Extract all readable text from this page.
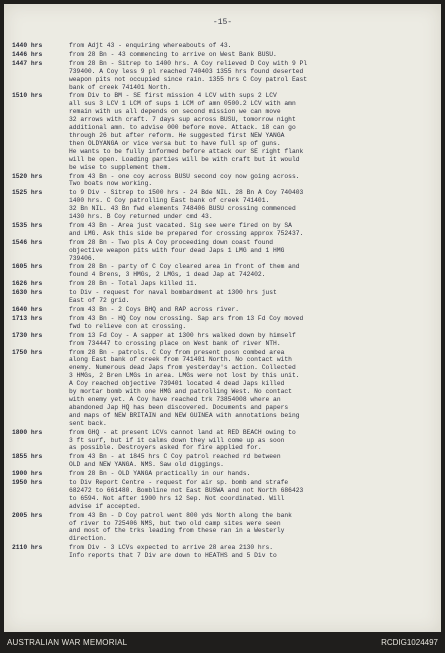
-15-
1440 hrs	from Adjt 43 - enquiring whereabouts of 43.
1446 hrs	from 28 Bn - 43 commencing to arrive on West Bank BUSU.
1447 hrs	from 28 Bn - Sitrep to 1400 hrs. A Coy relieved D Coy with 9 Pl
739400. A Coy less 9 pl reached 740403 1355 hrs found deserted
weapon pits not occupied since rain. 1355 hrs C Coy patrol East
bank of creek 741401 North.
1510 hrs	from Div to BM - SE first mission 4 LCV with sups 2 LCV
all sus 3 LCV 1 LCM of sups 1 LCM of amn 0500.2 LCV with amn
remain with us all depends on second mission we can move
32 arrows with craft. 7 days sup across BUSU, tomorrow night
additional amn. to advise 000 before move. Attack. 18 can go
through 26 but after reform. He suggested first NEW YANGA
then OLDYANGA or vice versa but to have full sp of guns.
He wants to be fully informed before attack our SE right flank
will be open. Loading parties will be with craft but it would
be wise to supplement them.
1520 hrs	from 43 Bn - one coy across BUSU second coy now going across.
Two boats now working.
1525 hrs	to 9 Div - Sitrep to 1500 hrs - 24 Bde NIL. 28 Bn A Coy 740403
1400 hrs. C Coy patrolling East bank of creek 741401.
32 Bn NIL. 43 Bn fwd elements 748406 BUSU crossing commenced
1430 hrs. B Coy returned under cmd 43.
1535 hrs	from 43 Bn - Area just vacated. Sig see were fired on by SA
and LMG. Ask this side be prepared for crossing approx 752437.
1546 hrs	from 28 Bn - Two pls A Coy proceeding down coast found
objective weapon pits with four dead Japs 1 LMG and 1 HMG
739406.
1605 hrs	from 28 Bn - party of C Coy cleared area in front of them and
found 4 Brens, 3 HMGs, 2 LMGs, 1 dead Jap at 742402.
1626 hrs	from 28 Bn - Total Japs killed 11.
1630 hrs	to Div - request for naval bombardment at 1300 hrs just
East of 72 grid.
1640 hrs	from 43 Bn - 2 Coys BHQ and RAP across river.
1713 hrs	from 43 Bn - HQ Coy now crossing. Sap ars from 13 Fd Coy moved
fwd to relieve con at crossing.
1730 hrs	from 13 Fd Coy - A sapper at 1300 hrs walked down by himself
from 734447 to crossing place on West bank of river NTH.
1750 hrs	from 28 Bn - patrols. C Coy from present posn combed area
along East bank of creek from 741401 North. No contact with
enemy. Numerous dead Japs from yesterday's action. Collected
3 HMGs, 2 Bren LMGs in area. LMGs were not lost by this unit.
A Coy reached objective 739401 located 4 dead Japs killed
by mortar bomb with one HMG and patrolling West. No contact
with enemy yet. A Coy have reached trk 73854008 where an
abandoned Jap HQ has been discovered. Documents and papers
and maps of NEW BRITAIN and NEW GUINEA with annotations being
sent back.
1800 hrs	from GHQ - at present LCVs cannot land at RED BEACH owing to
3 ft surf, but if it calms down they will come up as soon
as possible. Destroyers asked for fire applied for.
1855 hrs	from 43 Bn - at 1845 hrs C Coy patrol reached rd between
OLD and NEW YANGA. NMS. Saw old diggings.
1900 hrs	from 28 Bn - OLD YANGA practically in our hands.
1950 hrs	to Div Report Centre - request for air sp. bomb and strafe
682472 to 661480. Bombline not East BUSWA and not North 686423
to 6594. Not after 1900 hrs 12 Sep. Not coordinated. Will
advise if accepted.
2005 hrs	from 43 Bn - D Coy patrol went 800 yds North along the bank
of river to 725406 NMS, but two old camp sites were seen
and most of the trks leading from these ran in a Westerly
direction.
2110 hrs	from Div - 3 LCVs expected to arrive 28 area 2130 hrs.
Info reports that 7 Div are down to HEATHS and 5 Div to
AUSTRALIAN WAR MEMORIAL	RCDIG1024497
